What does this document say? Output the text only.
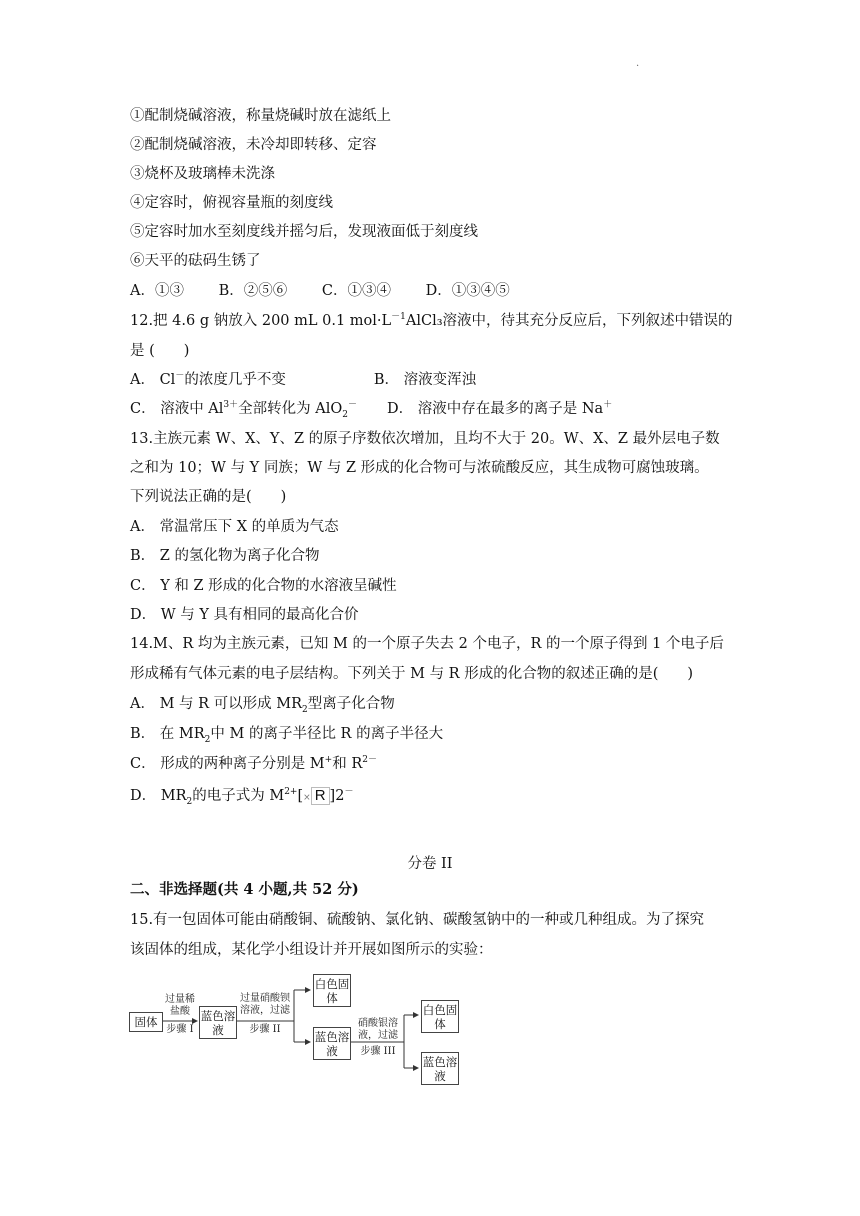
.
①配制烧碱溶液，称量烧碱时放在滤纸上
②配制烧碱溶液，未冷却即转移、定容
③烧杯及玻璃棒未洗涤
④定容时，俯视容量瓶的刻度线
⑤定容时加水至刻度线并摇匀后，发现液面低于刻度线
⑥天平的砝码生锈了
A．①③ B．②⑤⑥ C．①③④ D．①③④⑤
12.把 4.6 g 钠放入 200 mL 0.1 $mol\cdot L^{-1}AlCl_3$溶液中，待其充分反应后，下列叙述中错误的
是 (　　)
A． Cl－的浓度几乎不变	B． 溶液变浑浊
C． 溶液中 $Al^{3+}$全部转化为 AlO$_2$－ D． 溶液中存在最多的离子是 Na＋
13.主族元素 W、X、Y、Z 的原子序数依次增加，且均不大于 20。W、X、Z 最外层电子数
之和为 10；W 与 Y 同族；W 与 Z 形成的化合物可与浓硫酸反应，其生成物可腐蚀玻璃。
下列说法正确的是(　　)
A． 常温常压下 X 的单质为气态
B． Z 的氢化物为离子化合物
C． Y 和 Z 形成的化合物的水溶液呈碱性
D． W 与 Y 具有相同的最高化合价
14.M、R 均为主族元素，已知 M 的一个原子失去 2 个电子，R 的一个原子得到 1 个电子后
形成稀有气体元素的电子层结构。下列关于 M 与 R 形成的化合物的叙述正确的是(　　)
A． M 与 R 可以形成 $MR_2$型离子化合物
B． 在 $MR_2$中 M 的离子半径比 R 的离子半径大
C． 形成的两种离子分别是 M+和 $R^{2-}$
D． $MR_2$的电子式为 $M^{2+}[\times R$ ]2－
分卷 II
二、非选择题(共 4 小题,共 52 分)
15.有一包固体可能由硝酸铜、硫酸钠、氯化钠、碳酸氢钠中的一种或几种组成。为了探究
该固体的组成，某化学小组设计并开展如图所示的实验：
固体
过量稀盐酸
步骤 I
蓝色溶液
过量硝酸钡溶液，过滤
步骤 II
白色固体
蓝色溶液
硝酸银溶液，过滤
步骤 III
白色固体
蓝色溶液
